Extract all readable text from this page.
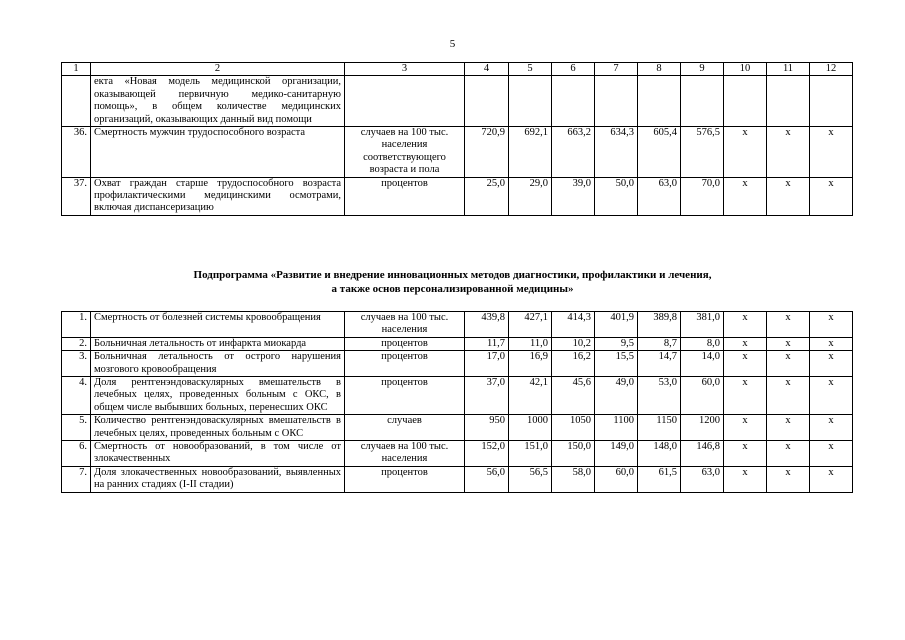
5
1	2	3	4	5	6	7	8	9	10	11	12
	екта «Новая модель медицинской организации, оказывающей первичную медико-санитарную помощь», в общем количестве медицинских организаций, оказывающих данный вид помощи										
36.	Смертность мужчин трудоспособного возраста	случаев на 100 тыс. населения соответствующего возраста и пола	720,9	692,1	663,2	634,3	605,4	576,5	х	х	х
37.	Охват граждан старше трудоспособного возраста профилактическими медицинскими осмотрами, включая диспансеризацию	процентов	25,0	29,0	39,0	50,0	63,0	70,0	х	х	х
Подпрограмма «Развитие и внедрение инновационных методов диагностики, профилактики и лечения,
а также основ персонализированной медицины»
1.	Смертность от болезней системы кровообращения	случаев на 100 тыс. населения	439,8	427,1	414,3	401,9	389,8	381,0	х	х	х
2.	Больничная летальность от инфаркта миокарда	процентов	11,7	11,0	10,2	9,5	8,7	8,0	х	х	х
3.	Больничная летальность от острого нарушения мозгового кровообращения	процентов	17,0	16,9	16,2	15,5	14,7	14,0	х	х	х
4.	Доля рентгенэндоваскулярных вмешательств в лечебных целях, проведенных больным с ОКС, в общем числе выбывших больных, перенесших ОКС	процентов	37,0	42,1	45,6	49,0	53,0	60,0	х	х	х
5.	Количество рентгенэндоваскулярных вмешательств в лечебных целях, проведенных больным с ОКС	случаев	950	1000	1050	1100	1150	1200	х	х	х
6.	Смертность от новообразований, в том числе от злокачественных	случаев на 100 тыс. населения	152,0	151,0	150,0	149,0	148,0	146,8	х	х	х
7.	Доля злокачественных новообразований, выявленных на ранних стадиях (I-II стадии)	процентов	56,0	56,5	58,0	60,0	61,5	63,0	х	х	х
